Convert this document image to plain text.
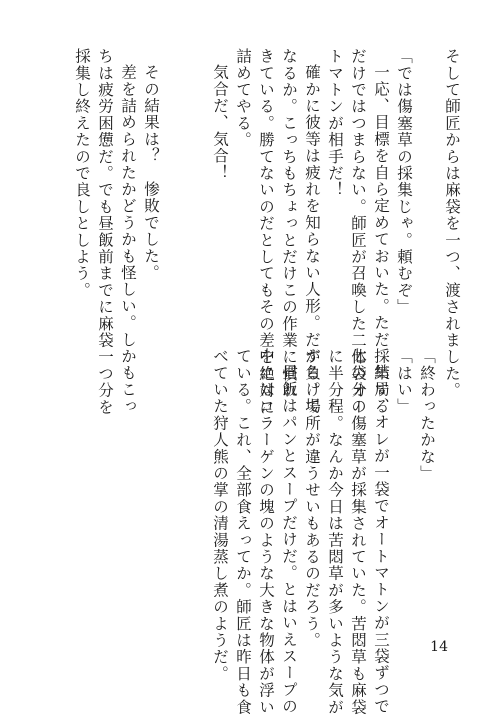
そして師匠からは麻袋を一つ、渡されました。
「では傷塞草の採集じゃ。頼むぞ」
一応、目標を自ら定めておいた。ただ採集する
だけではつまらない。師匠が召喚した二体のオー
トマトンが相手だ！
確かに彼等は疲れを知らない人形。だが負けて
なるか。こっちもちょっとだけこの作業に慣れ
きている。勝てないのだとしてもその差を絶対に
詰めてやる。
気合だ、気合！
その結果は？　惨敗でした。
差を詰められたかどうかも怪しい。しかもこっ
ちは疲労困憊だ。でも昼飯前までに麻袋一つ分を
採集し終えたので良しとしよう。
「終わったかな」
「はい」
結局、オレが一袋でオートマトンが三袋ずつで
七袋分の傷塞草が採集されていた。苦悶草も麻袋
に半分程。なんか今日は苦悶草が多いような気が
する。場所が違うせいもあるのだろう。
昼飯はパンとスープだけだ。とはいえスープの
中にはコラーゲンの塊のような大きな物体が浮い
ている。これ、全部食えってか。師匠は昨日も食
べていた狩人熊の掌の清湯蒸し煮のようだ。	14
